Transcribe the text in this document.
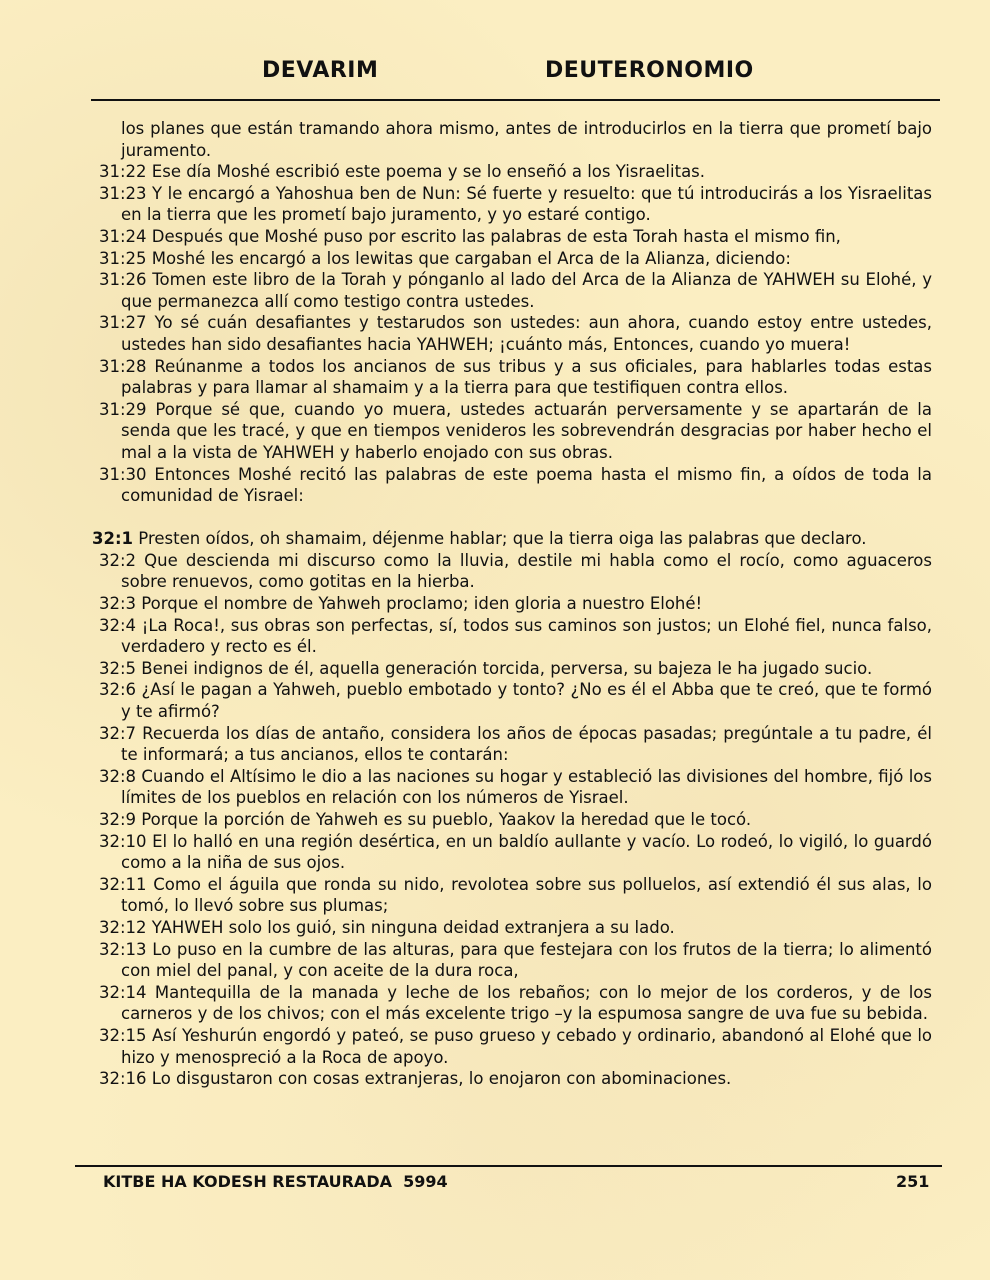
DEVARIM	DEUTERONOMIO

los planes que están tramando ahora mismo, antes de introducirlos en la tierra que prometí bajo juramento.

31:22 Ese día Moshé escribió este poema y se lo enseñó a los Yisraelitas.

31:23 Y le encargó a Yahoshua ben de Nun: Sé fuerte y resuelto: que tú introducirás a los Yisraelitas en la tierra que les prometí bajo juramento, y yo estaré contigo.

31:24 Después que Moshé puso por escrito las palabras de esta Torah hasta el mismo fin,

31:25 Moshé les encargó a los lewitas que cargaban el Arca de la Alianza, diciendo:

31:26 Tomen este libro de la Torah y pónganlo al lado del Arca de la Alianza de YAHWEH su Elohé, y que permanezca allí como testigo contra ustedes.

31:27 Yo sé cuán desafiantes y testarudos son ustedes: aun ahora, cuando estoy entre ustedes, ustedes han sido desafiantes hacia YAHWEH; ¡cuánto más, Entonces, cuando yo muera!

31:28 Reúnanme a todos los ancianos de sus tribus y a sus oficiales, para hablarles todas estas palabras y para llamar al shamaim y a la tierra para que testifiquen contra ellos.

31:29 Porque sé que, cuando yo muera, ustedes actuarán perversamente y se apartarán de la senda que les tracé, y que en tiempos venideros les sobrevendrán desgracias por haber hecho el mal a la vista de YAHWEH y haberlo enojado con sus obras.

31:30 Entonces Moshé recitó las palabras de este poema hasta el mismo fin, a oídos de toda la comunidad de Yisrael:

32:1 Presten oídos, oh shamaim, déjenme hablar; que la tierra oiga las palabras que declaro.

32:2 Que descienda mi discurso como la lluvia, destile mi habla como el rocío, como aguaceros sobre renuevos, como gotitas en la hierba.

32:3 Porque el nombre de Yahweh proclamo; iden gloria a nuestro Elohé!

32:4 ¡La Roca!, sus obras son perfectas, sí, todos sus caminos son justos; un Elohé fiel, nunca falso, verdadero y recto es él.

32:5 Benei indignos de él, aquella generación torcida, perversa, su bajeza le ha jugado sucio.

32:6 ¿Así le pagan a Yahweh, pueblo embotado y tonto? ¿No es él el Abba que te creó, que te formó y te afirmó?

32:7 Recuerda los días de antaño, considera los años de épocas pasadas; pregúntale a tu padre, él te informará; a tus ancianos, ellos te contarán:

32:8 Cuando el Altísimo le dio a las naciones su hogar y estableció las divisiones del hombre, fijó los límites de los pueblos en relación con los números de Yisrael.

32:9 Porque la porción de Yahweh es su pueblo, Yaakov la heredad que le tocó.

32:10 El lo halló en una región desértica, en un baldío aullante y vacío. Lo rodeó, lo vigiló, lo guardó como a la niña de sus ojos.

32:11 Como el águila que ronda su nido, revolotea sobre sus polluelos, así extendió él sus alas, lo tomó, lo llevó sobre sus plumas;

32:12 YAHWEH solo los guió, sin ninguna deidad extranjera a su lado.

32:13 Lo puso en la cumbre de las alturas, para que festejara con los frutos de la tierra; lo alimentó con miel del panal, y con aceite de la dura roca,

32:14 Mantequilla de la manada y leche de los rebaños; con lo mejor de los corderos, y de los carneros y de los chivos; con el más excelente trigo –y la espumosa sangre de uva fue su bebida.

32:15 Así Yeshurún engordó y pateó, se puso grueso y cebado y ordinario, abandonó al Elohé que lo hizo y menospreció a la Roca de apoyo.

32:16 Lo disgustaron con cosas extranjeras, lo enojaron con abominaciones.

KITBE HA KODESH RESTAURADA  5994	251
